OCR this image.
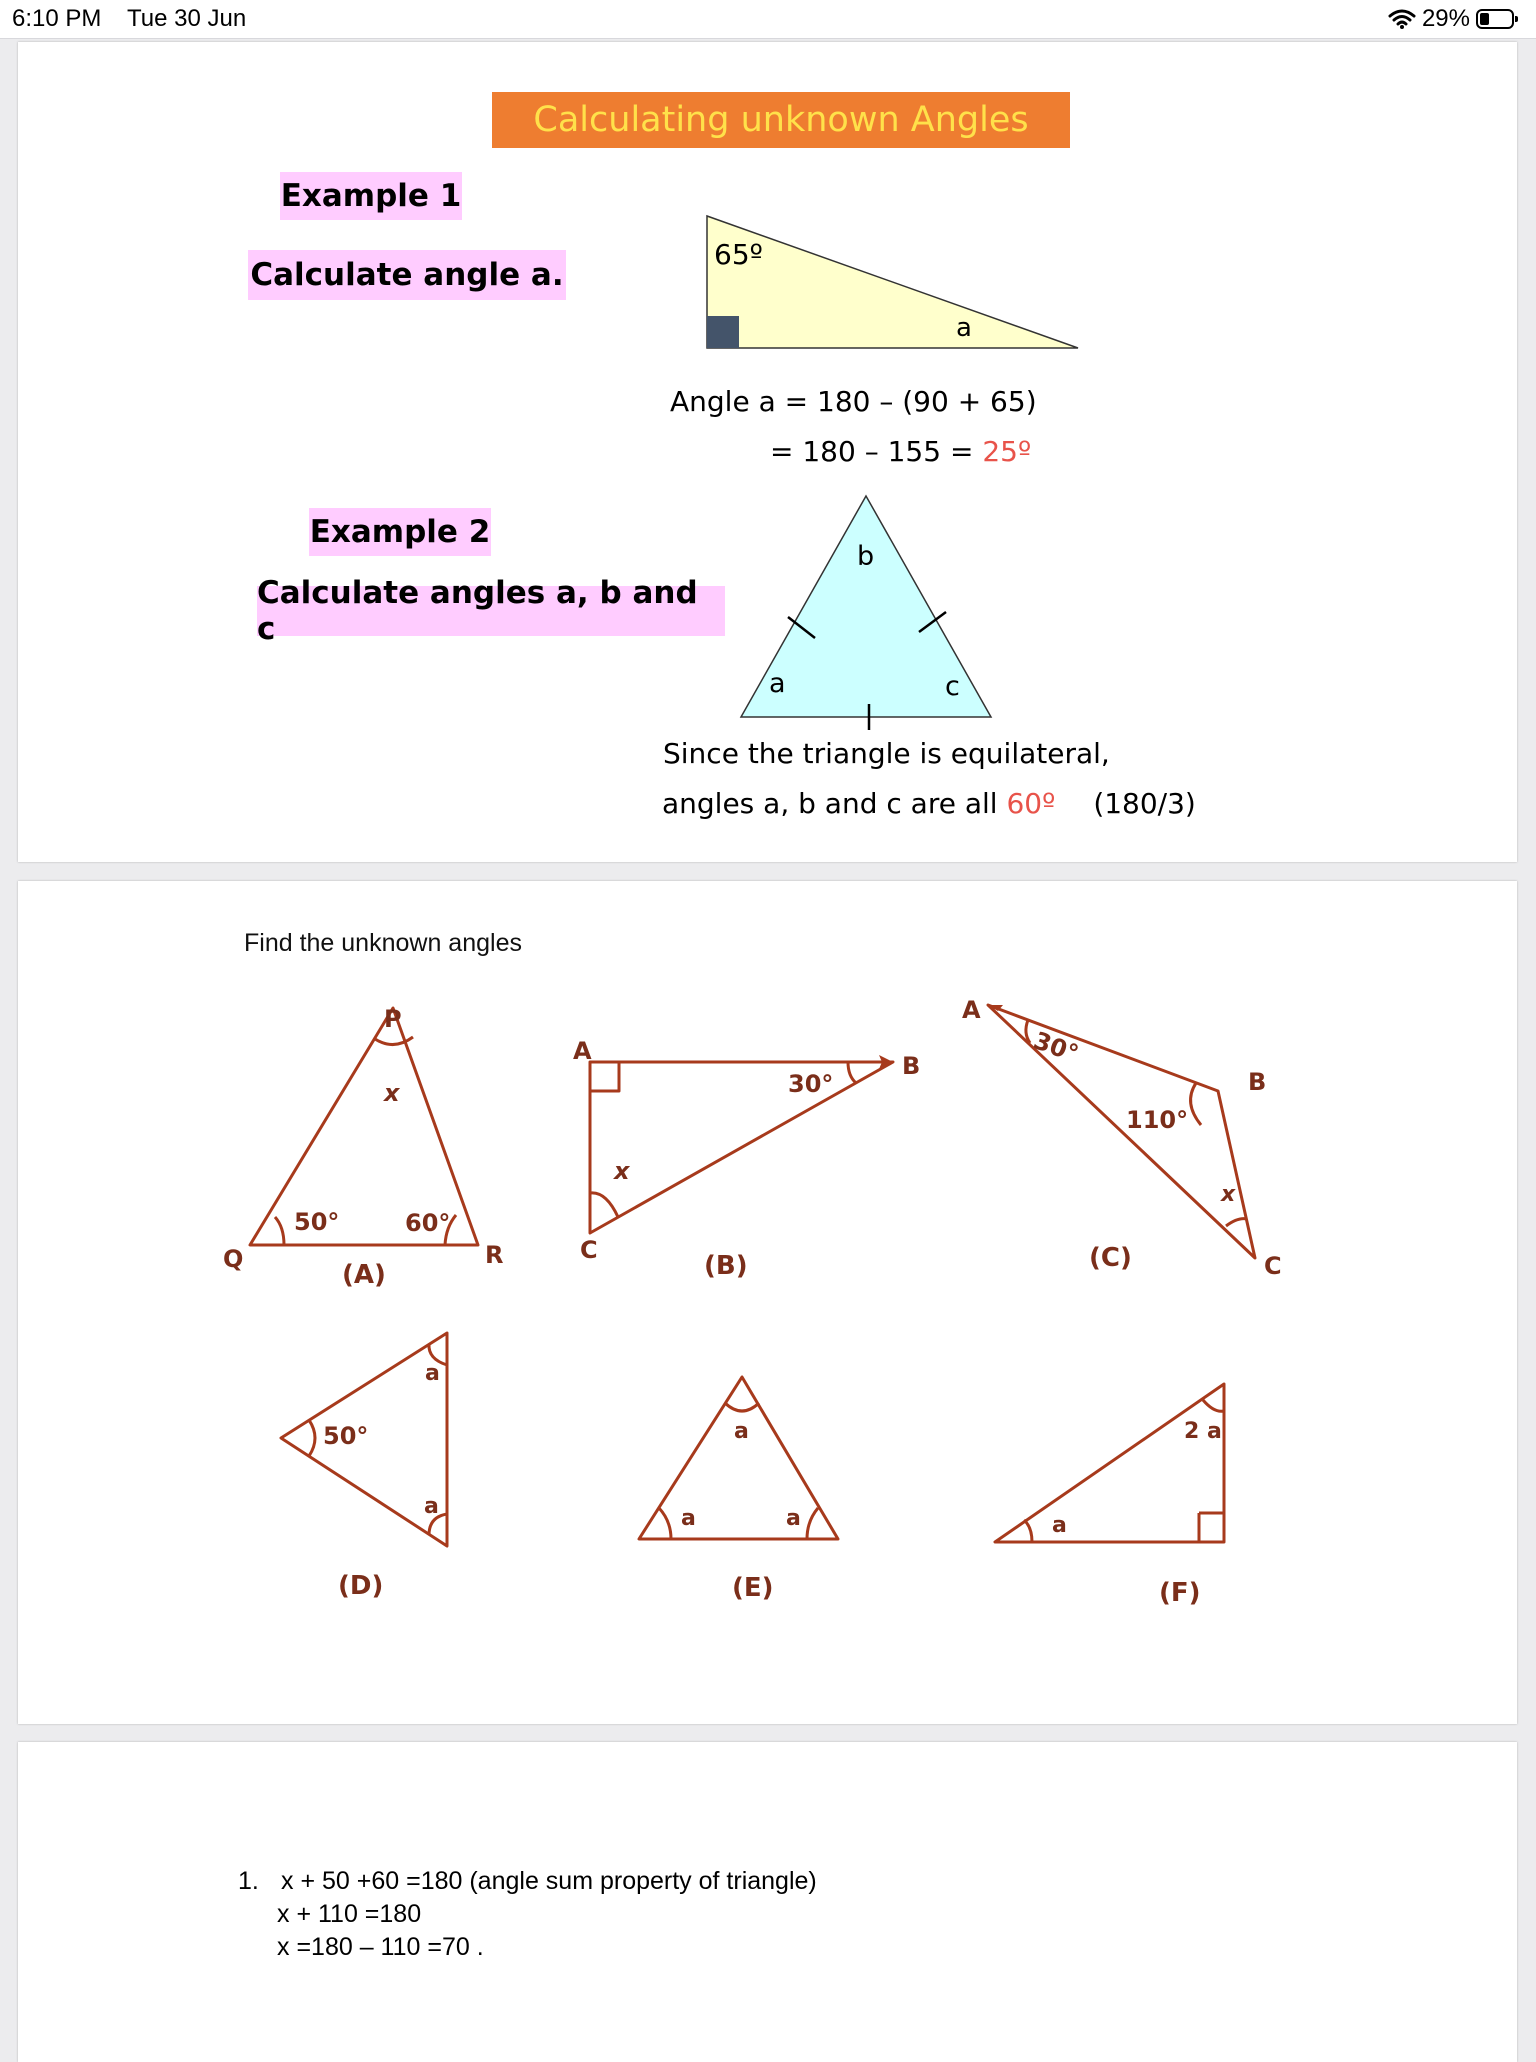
6:10 PM Tue 30 Jun	29%
Calculating unknown Angles
Example 1
Calculate angle a.
65º
a
Angle a = 180 – (90 + 65)
= 180 – 155 = 25º
Example 2
Calculate angles a, b and c
b
a	c
Since the triangle is equilateral,
angles a, b and c are all 60º (180/3)
Find the unknown angles
P
Q	R
x
50°	60°
(A)
A
B
C
x
30°
(B)
A
B
C
x
30°
110°
(C)
50°
a
a
(D)
a
a	a
(E)
2 a
a
(F)
1. x + 50 +60 =180 (angle sum property of triangle)
x + 110 =180
x =180 – 110 =70 .
